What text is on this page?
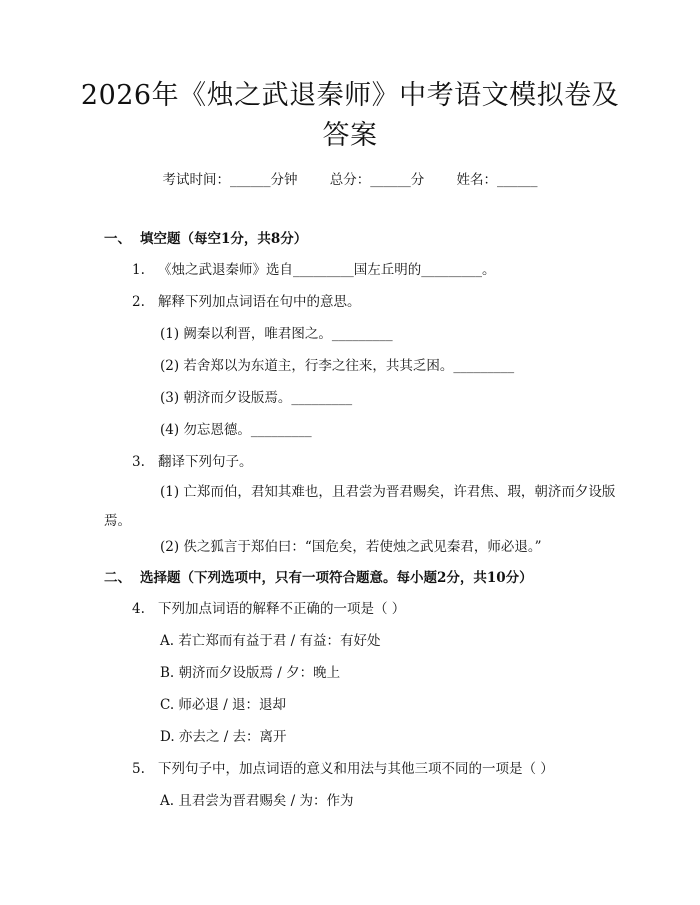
2026年《烛之武退秦师》中考语文模拟卷及
答案
考试时间：______分钟 总分：______分 姓名：______
一、 填空题（每空1分，共8分）
1. 《烛之武退秦师》选自_________国左丘明的_________。
2. 解释下列加点词语在句中的意思。
(1) 阙秦以利晋，唯君图之。_________
(2) 若舍郑以为东道主，行李之往来，共其乏困。_________
(3) 朝济而夕设版焉。_________
(4) 勿忘恩德。_________
3. 翻译下列句子。
(1) 亡郑而伯，君知其难也，且君尝为晋君赐矣，许君焦、瑕，朝济而夕设版焉。
(2) 佚之狐言于郑伯曰：“国危矣，若使烛之武见秦君，师必退。”
二、 选择题（下列选项中，只有一项符合题意。每小题2分，共10分）
4. 下列加点词语的解释不正确的一项是（ ）
A. 若亡郑而有益于君 / 有益：有好处
B. 朝济而夕设版焉 / 夕：晚上
C. 师必退 / 退：退却
D. 亦去之 / 去：离开
5. 下列句子中，加点词语的意义和用法与其他三项不同的一项是（ ）
A. 且君尝为晋君赐矣 / 为：作为
